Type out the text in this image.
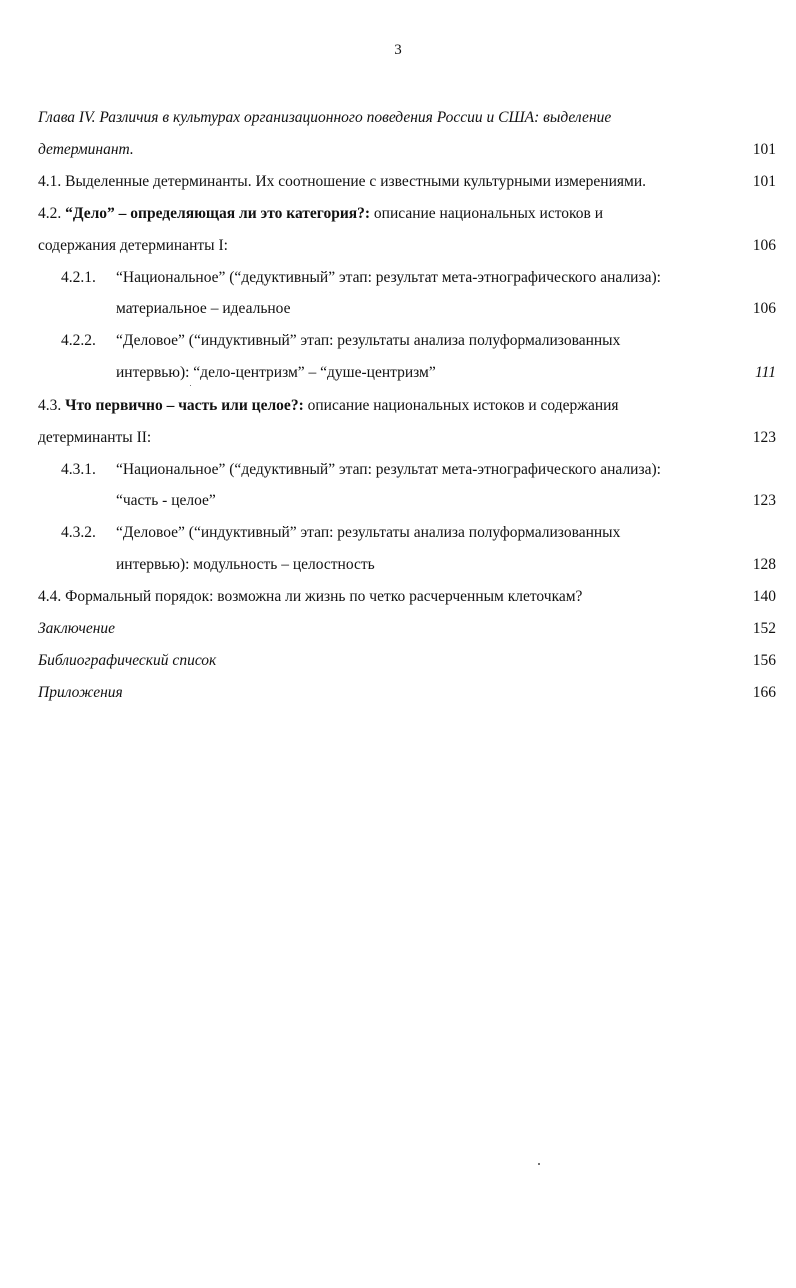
3
Глава IV. Различия в культурах организационного поведения России и США: выделение
детерминант.	101
4.1. Выделенные детерминанты. Их соотношение с известными культурными измерениями.	101
4.2. “Дело” – определяющая ли это категория?: описание национальных истоков и
содержания детерминанты I:	106
4.2.1. “Национальное” (“дедуктивный” этап: результат мета-этнографического анализа):
материальное – идеальное	106
4.2.2. “Деловое” (“индуктивный” этап: результаты анализа полуформализованных
интервью): “дело-центризм” – “душе-центризм”	111
4.3. Что первично – часть или целое?: описание национальных истоков и содержания
детерминанты II:	123
4.3.1. “Национальное” (“дедуктивный” этап: результат мета-этнографического анализа):
“часть - целое”	123
4.3.2. “Деловое” (“индуктивный” этап: результаты анализа полуформализованных
интервью): модульность – целостность	128
4.4. Формальный порядок: возможна ли жизнь по четко расчерченным клеточкам?	140
Заключение	152
Библиографический список	156
Приложения	166
